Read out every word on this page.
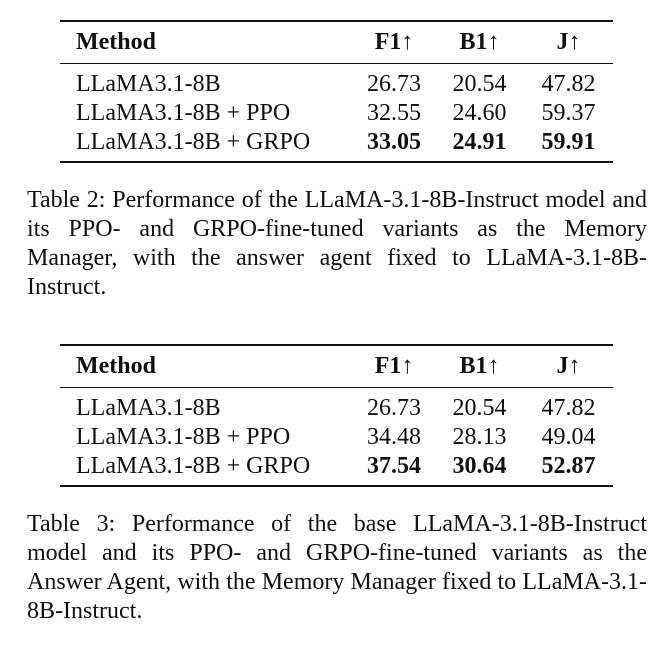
Method	F1↑	B1↑	J↑
LLaMA3.1-8B	26.73	20.54	47.82
LLaMA3.1-8B + PPO	32.55	24.60	59.37
LLaMA3.1-8B + GRPO	33.05	24.91	59.91

Table 2: Performance of the LLaMA-3.1-8B-Instruct model and its PPO- and GRPO-fine-tuned variants as the Memory Manager, with the answer agent fixed to LLaMA-3.1-8B-Instruct.

Method	F1↑	B1↑	J↑
LLaMA3.1-8B	26.73	20.54	47.82
LLaMA3.1-8B + PPO	34.48	28.13	49.04
LLaMA3.1-8B + GRPO	37.54	30.64	52.87

Table 3: Performance of the base LLaMA-3.1-8B-Instruct model and its PPO- and GRPO-fine-tuned variants as the Answer Agent, with the Memory Manager fixed to LLaMA-3.1-8B-Instruct.
